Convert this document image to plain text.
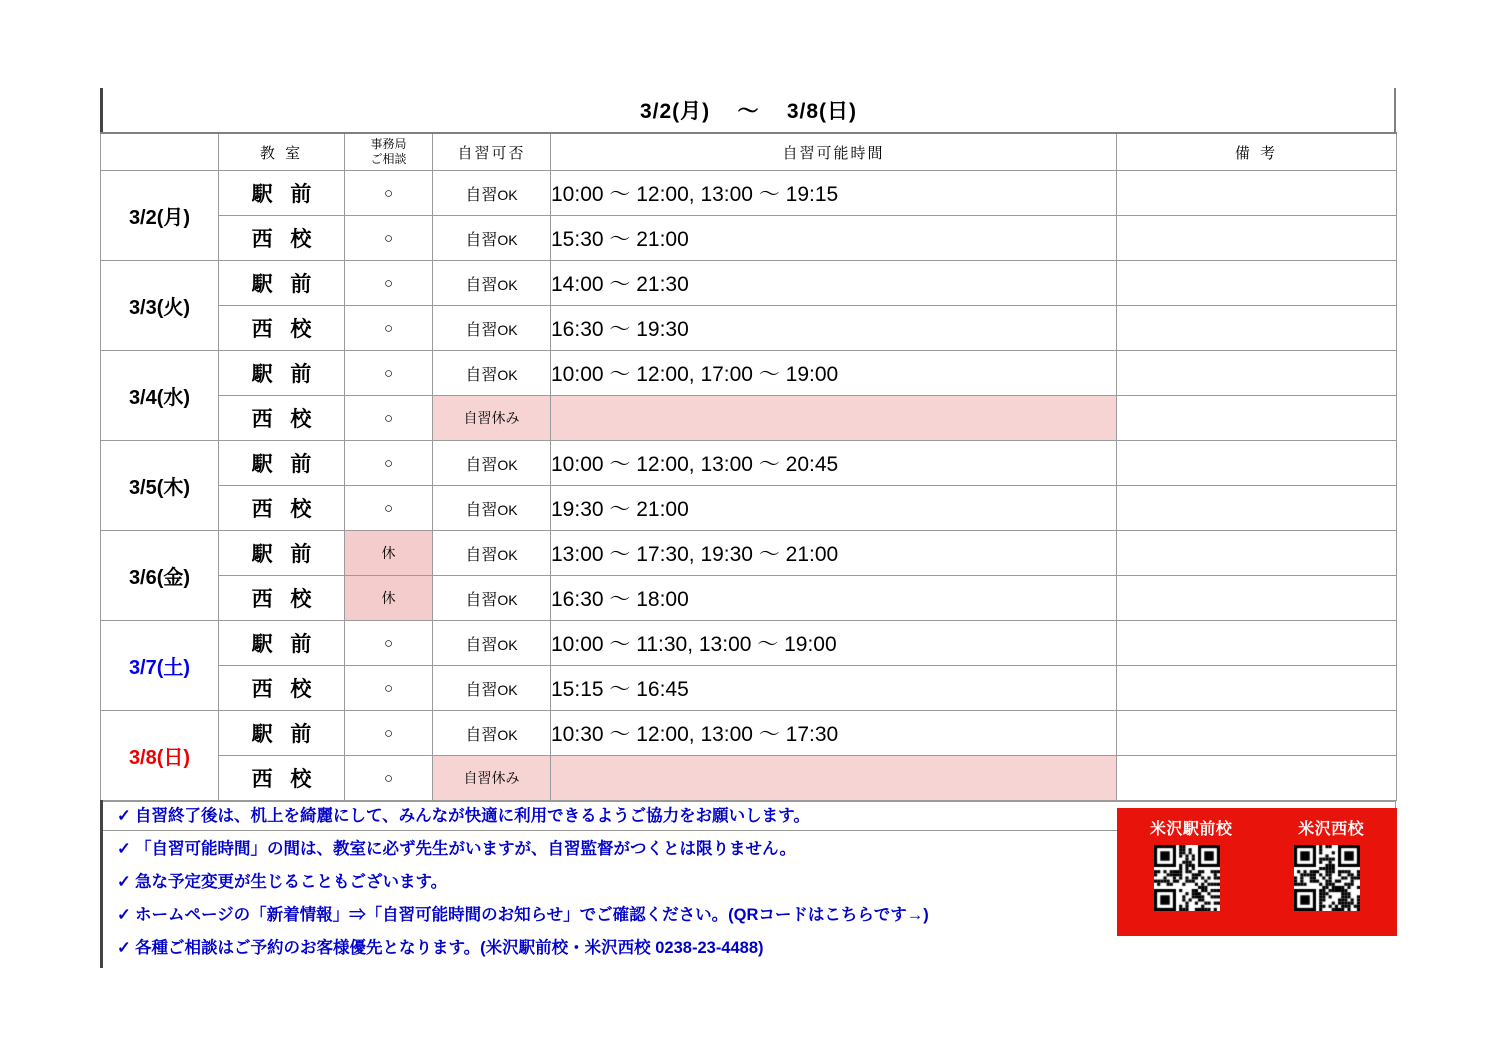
3/2(月)    ～    3/8(日)
	教 室	事務局
ご相談	自習可否	自習可能時間	備 考
3/2(月)	駅 前	○	自習OK	10:00 ～ 12:00, 13:00 ～ 19:15	
	西 校	○	自習OK	15:30 ～ 21:00	
3/3(火)	駅 前	○	自習OK	14:00 ～ 21:30	
	西 校	○	自習OK	16:30 ～ 19:30	
3/4(水)	駅 前	○	自習OK	10:00 ～ 12:00, 17:00 ～ 19:00	
	西 校	○	自習休み		
3/5(木)	駅 前	○	自習OK	10:00 ～ 12:00, 13:00 ～ 20:45	
	西 校	○	自習OK	19:30 ～ 21:00	
3/6(金)	駅 前	休	自習OK	13:00 ～ 17:30, 19:30 ～ 21:00	
	西 校	休	自習OK	16:30 ～ 18:00	
3/7(土)	駅 前	○	自習OK	10:00 ～ 11:30, 13:00 ～ 19:00	
	西 校	○	自習OK	15:15 ～ 16:45	
3/8(日)	駅 前	○	自習OK	10:30 ～ 12:00, 13:00 ～ 17:30	
	西 校	○	自習休み		
✓ 自習終了後は、机上を綺麗にして、みんなが快適に利用できるようご協力をお願いします。
✓ 「自習可能時間」の間は、教室に必ず先生がいますが、自習監督がつくとは限りません。
✓ 急な予定変更が生じることもございます。
✓ ホームページの「新着情報」⇒「自習可能時間のお知らせ」でご確認ください。(QRコードはこちらです→)
✓ 各種ご相談はご予約のお客様優先となります。(米沢駅前校・米沢西校 0238-23-4488)
米沢駅前校	米沢西校
